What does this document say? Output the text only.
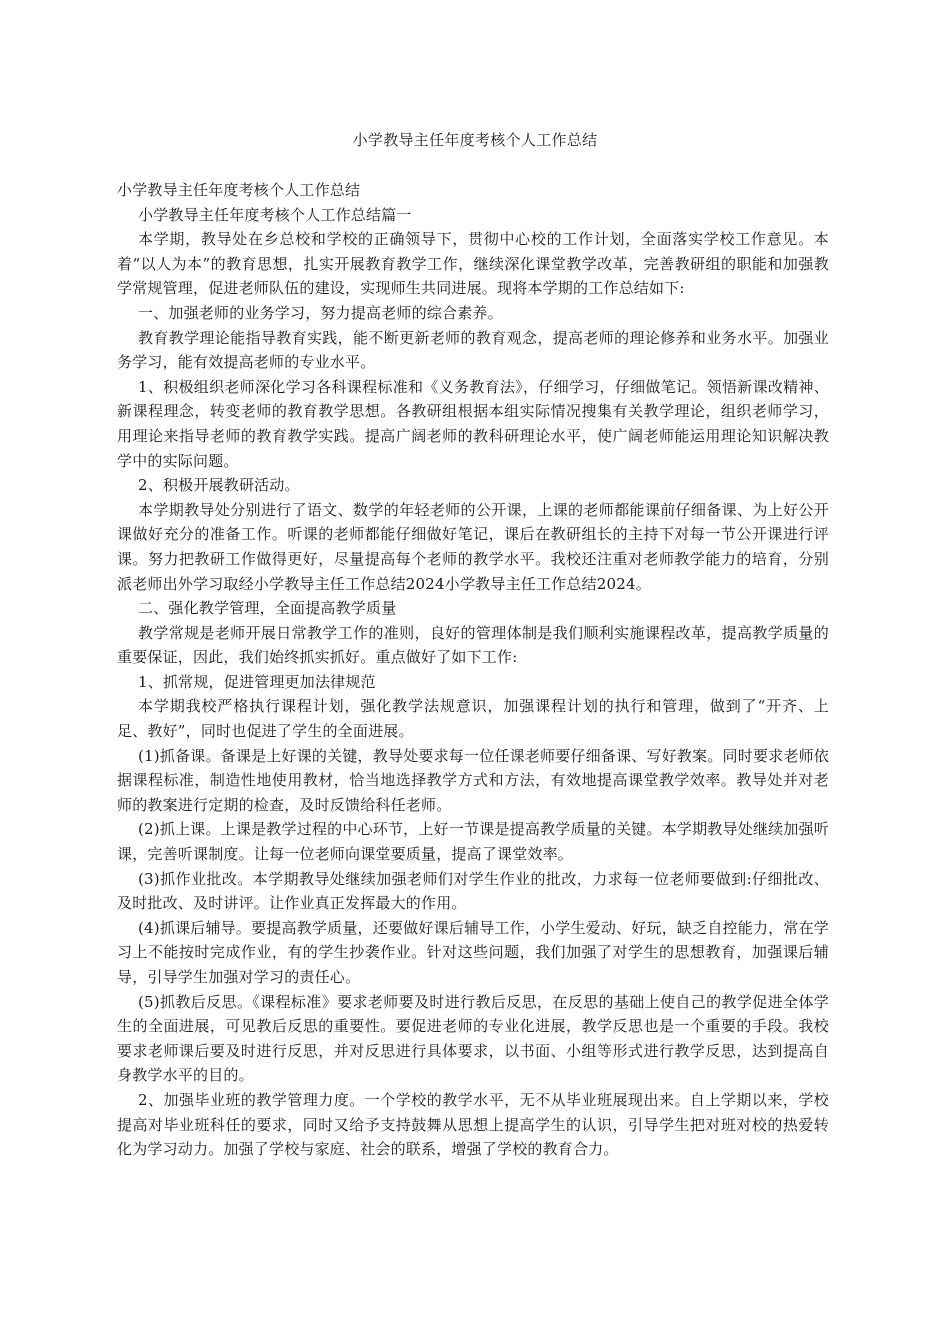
小学教导主任年度考核个人工作总结

小学教导主任年度考核个人工作总结

小学教导主任年度考核个人工作总结篇一

本学期，教导处在乡总校和学校的正确领导下，贯彻中心校的工作计划，全面落实学校工作意见。本着“以人为本”的教育思想，扎实开展教育教学工作，继续深化课堂教学改革，完善教研组的职能和加强教学常规管理，促进老师队伍的建设，实现师生共同进展。现将本学期的工作总结如下:

一、加强老师的业务学习，努力提高老师的综合素养。

教育教学理论能指导教育实践，能不断更新老师的教育观念，提高老师的理论修养和业务水平。加强业务学习，能有效提高老师的专业水平。

1、积极组织老师深化学习各科课程标准和《义务教育法》，仔细学习，仔细做笔记。领悟新课改精神、新课程理念，转变老师的教育教学思想。各教研组根据本组实际情况搜集有关教学理论，组织老师学习，用理论来指导老师的教育教学实践。提高广阔老师的教科研理论水平，使广阔老师能运用理论知识解决教学中的实际问题。

2、积极开展教研活动。

本学期教导处分别进行了语文、数学的年轻老师的公开课，上课的老师都能课前仔细备课、为上好公开课做好充分的准备工作。听课的老师都能仔细做好笔记，课后在教研组长的主持下对每一节公开课进行评课。努力把教研工作做得更好，尽量提高每个老师的教学水平。我校还注重对老师教学能力的培育，分别派老师出外学习取经小学教导主任工作总结2024小学教导主任工作总结2024。

二、强化教学管理，全面提高教学质量

教学常规是老师开展日常教学工作的准则，良好的管理体制是我们顺利实施课程改革，提高教学质量的重要保证，因此，我们始终抓实抓好。重点做好了如下工作:

1、抓常规，促进管理更加法律规范

本学期我校严格执行课程计划，强化教学法规意识，加强课程计划的执行和管理，做到了“开齐、上足、教好”，同时也促进了学生的全面进展。

(1)抓备课。备课是上好课的关键，教导处要求每一位任课老师要仔细备课、写好教案。同时要求老师依据课程标准，制造性地使用教材，恰当地选择教学方式和方法，有效地提高课堂教学效率。教导处并对老师的教案进行定期的检查，及时反馈给科任老师。

(2)抓上课。上课是教学过程的中心环节，上好一节课是提高教学质量的关键。本学期教导处继续加强听课，完善听课制度。让每一位老师向课堂要质量，提高了课堂效率。

(3)抓作业批改。本学期教导处继续加强老师们对学生作业的批改，力求每一位老师要做到:仔细批改、及时批改、及时讲评。让作业真正发挥最大的作用。

(4)抓课后辅导。要提高教学质量，还要做好课后辅导工作，小学生爱动、好玩，缺乏自控能力，常在学习上不能按时完成作业，有的学生抄袭作业。针对这些问题，我们加强了对学生的思想教育，加强课后辅导，引导学生加强对学习的责任心。

(5)抓教后反思。《课程标准》要求老师要及时进行教后反思，在反思的基础上使自己的教学促进全体学生的全面进展，可见教后反思的重要性。要促进老师的专业化进展，教学反思也是一个重要的手段。我校要求老师课后要及时进行反思，并对反思进行具体要求，以书面、小组等形式进行教学反思，达到提高自身教学水平的目的。

2、加强毕业班的教学管理力度。一个学校的教学水平，无不从毕业班展现出来。自上学期以来，学校提高对毕业班科任的要求，同时又给予支持鼓舞从思想上提高学生的认识，引导学生把对班对校的热爱转化为学习动力。加强了学校与家庭、社会的联系，增强了学校的教育合力。
